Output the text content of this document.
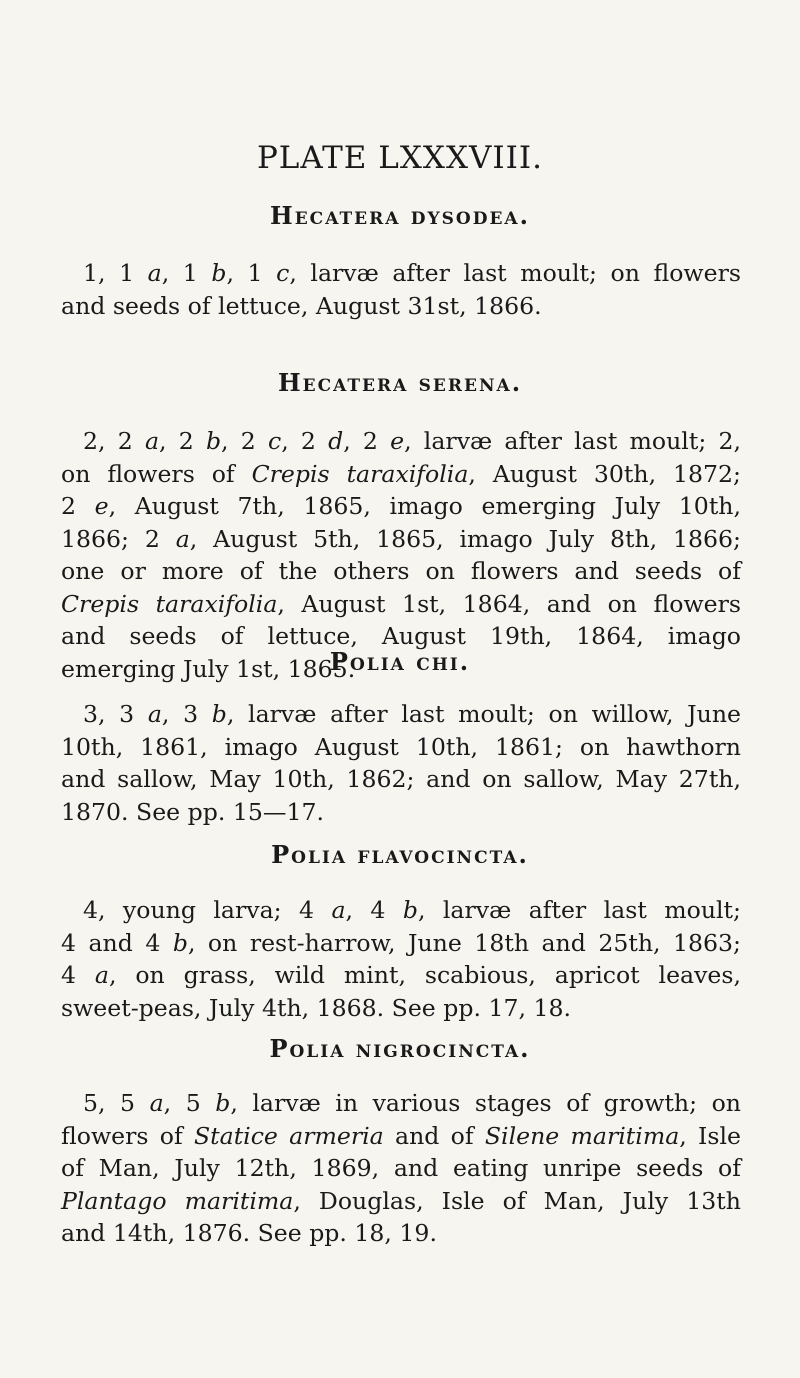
PLATE LXXXVIII.
Hecatera dysodea.

1, 1 a, 1 b, 1 c, larvæ after last moult; on flowers
and seeds of lettuce, August 31st, 1866.

Hecatera serena.

2, 2 a, 2 b, 2 c, 2 d, 2 e, larvæ after last moult; 2,
on flowers of Crepis taraxifolia, August 30th, 1872;
2 e, August 7th, 1865, imago emerging July 10th,
1866; 2 a, August 5th, 1865, imago July 8th, 1866;
one or more of the others on flowers and seeds of
Crepis taraxifolia, August 1st, 1864, and on flowers
and seeds of lettuce, August 19th, 1864, imago
emerging July 1st, 1865.

Polia chi.

3, 3 a, 3 b, larvæ after last moult; on willow, June
10th, 1861, imago August 10th, 1861; on hawthorn
and sallow, May 10th, 1862; and on sallow, May 27th,
1870. See pp. 15—17.

Polia flavocincta.

4, young larva; 4 a, 4 b, larvæ after last moult;
4 and 4 b, on rest-harrow, June 18th and 25th, 1863;
4 a, on grass, wild mint, scabious, apricot leaves,
sweet-peas, July 4th, 1868. See pp. 17, 18.

Polia nigrocincta.

5, 5 a, 5 b, larvæ in various stages of growth; on
flowers of Statice armeria and of Silene maritima, Isle
of Man, July 12th, 1869, and eating unripe seeds of
Plantago maritima, Douglas, Isle of Man, July 13th
and 14th, 1876. See pp. 18, 19.
